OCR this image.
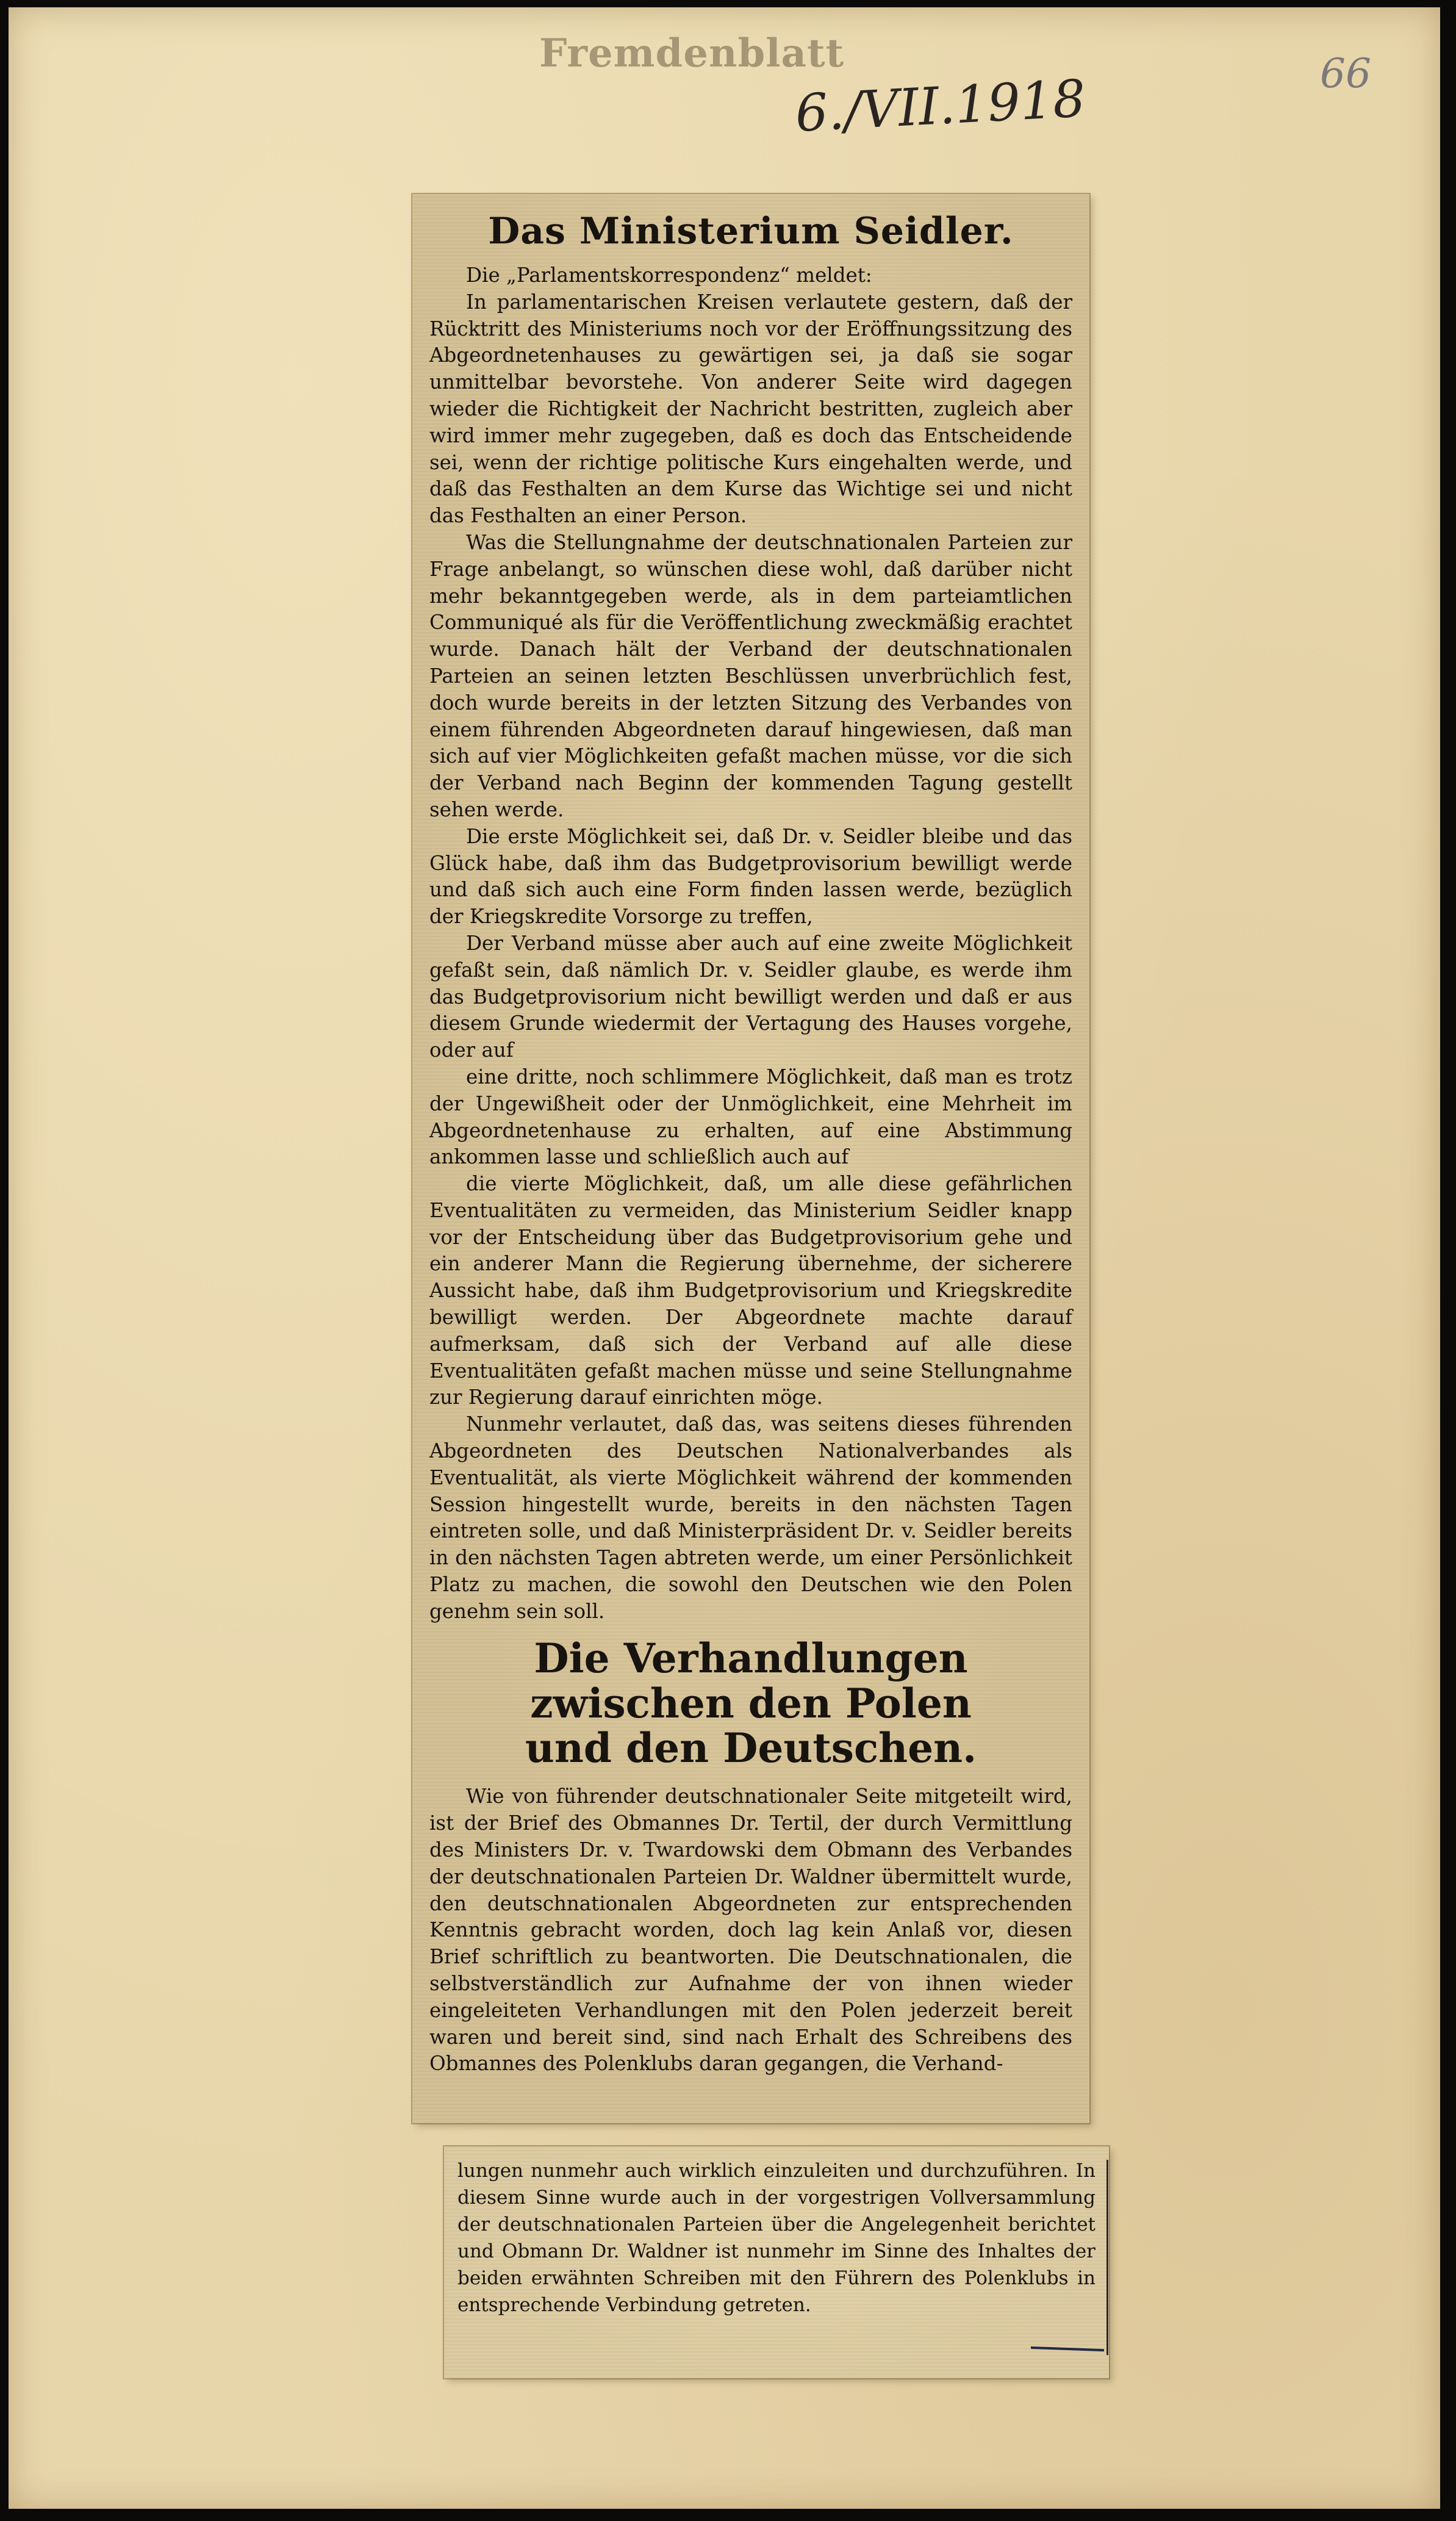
Fremdenblatt
6./VII.1918	66
Das Ministerium Seidler.

Die „Parlamentskorrespondenz“ meldet:

In parlamentarischen Kreisen verlautete gestern, daß der Rücktritt des Ministeriums noch vor der Eröffnungssitzung des Abgeordnetenhauses zu gewärtigen sei, ja daß sie sogar unmittelbar bevorstehe. Von anderer Seite wird dagegen wieder die Richtigkeit der Nachricht bestritten, zugleich aber wird immer mehr zugegeben, daß es doch das Entscheidende sei, wenn der richtige politische Kurs eingehalten werde, und daß das Festhalten an dem Kurse das Wichtige sei und nicht das Festhalten an einer Person.

Was die Stellungnahme der deutschnationalen Parteien zur Frage anbelangt, so wünschen diese wohl, daß darüber nicht mehr bekanntgegeben werde, als in dem parteiamtlichen Communiqué als für die Veröffentlichung zweckmäßig erachtet wurde. Danach hält der Verband der deutschnationalen Parteien an seinen letzten Beschlüssen unverbrüchlich fest, doch wurde bereits in der letzten Sitzung des Verbandes von einem führenden Abgeordneten darauf hingewiesen, daß man sich auf vier Möglichkeiten gefaßt machen müsse, vor die sich der Verband nach Beginn der kommenden Tagung gestellt sehen werde.

Die erste Möglichkeit sei, daß Dr. v. Seidler bleibe und das Glück habe, daß ihm das Budgetprovisorium bewilligt werde und daß sich auch eine Form finden lassen werde, bezüglich der Kriegskredite Vorsorge zu treffen,

Der Verband müsse aber auch auf eine zweite Möglichkeit gefaßt sein, daß nämlich Dr. v. Seidler glaube, es werde ihm das Budgetprovisorium nicht bewilligt werden und daß er aus diesem Grunde wiedermit der Vertagung des Hauses vorgehe, oder auf

eine dritte, noch schlimmere Möglichkeit, daß man es trotz der Ungewißheit oder der Unmöglichkeit, eine Mehrheit im Abgeordnetenhause zu erhalten, auf eine Abstimmung ankommen lasse und schließlich auch auf

die vierte Möglichkeit, daß, um alle diese gefährlichen Eventualitäten zu vermeiden, das Ministerium Seidler knapp vor der Entscheidung über das Budgetprovisorium gehe und ein anderer Mann die Regierung übernehme, der sicherere Aussicht habe, daß ihm Budgetprovisorium und Kriegskredite bewilligt werden. Der Abgeordnete machte darauf aufmerksam, daß sich der Verband auf alle diese Eventualitäten gefaßt machen müsse und seine Stellungnahme zur Regierung darauf einrichten möge.

Nunmehr verlautet, daß das, was seitens dieses führenden Abgeordneten des Deutschen Nationalverbandes als Eventualität, als vierte Möglichkeit während der kommenden Session hingestellt wurde, bereits in den nächsten Tagen eintreten solle, und daß Ministerpräsident Dr. v. Seidler bereits in den nächsten Tagen abtreten werde, um einer Persönlichkeit Platz zu machen, die sowohl den Deutschen wie den Polen genehm sein soll.

Die Verhandlungen zwischen den Polen
und den Deutschen.

Wie von führender deutschnationaler Seite mitgeteilt wird, ist der Brief des Obmannes Dr. Tertil, der durch Vermittlung des Ministers Dr. v. Twardowski dem Obmann des Verbandes der deutschnationalen Parteien Dr. Waldner übermittelt wurde, den deutschnationalen Abgeordneten zur entsprechenden Kenntnis gebracht worden, doch lag kein Anlaß vor, diesen Brief schriftlich zu beantworten. Die Deutschnationalen, die selbstverständlich zur Aufnahme der von ihnen wieder eingeleiteten Verhandlungen mit den Polen jederzeit bereit waren und bereit sind, sind nach Erhalt des Schreibens des Obmannes des Polenklubs daran gegangen, die Verhand-

lungen nunmehr auch wirklich einzuleiten und durchzuführen. In diesem Sinne wurde auch in der vorgestrigen Vollversammlung der deutschnationalen Parteien über die Angelegenheit berichtet und Obmann Dr. Waldner ist nunmehr im Sinne des Inhaltes der beiden erwähnten Schreiben mit den Führern des Polenklubs in entsprechende Verbindung getreten.
